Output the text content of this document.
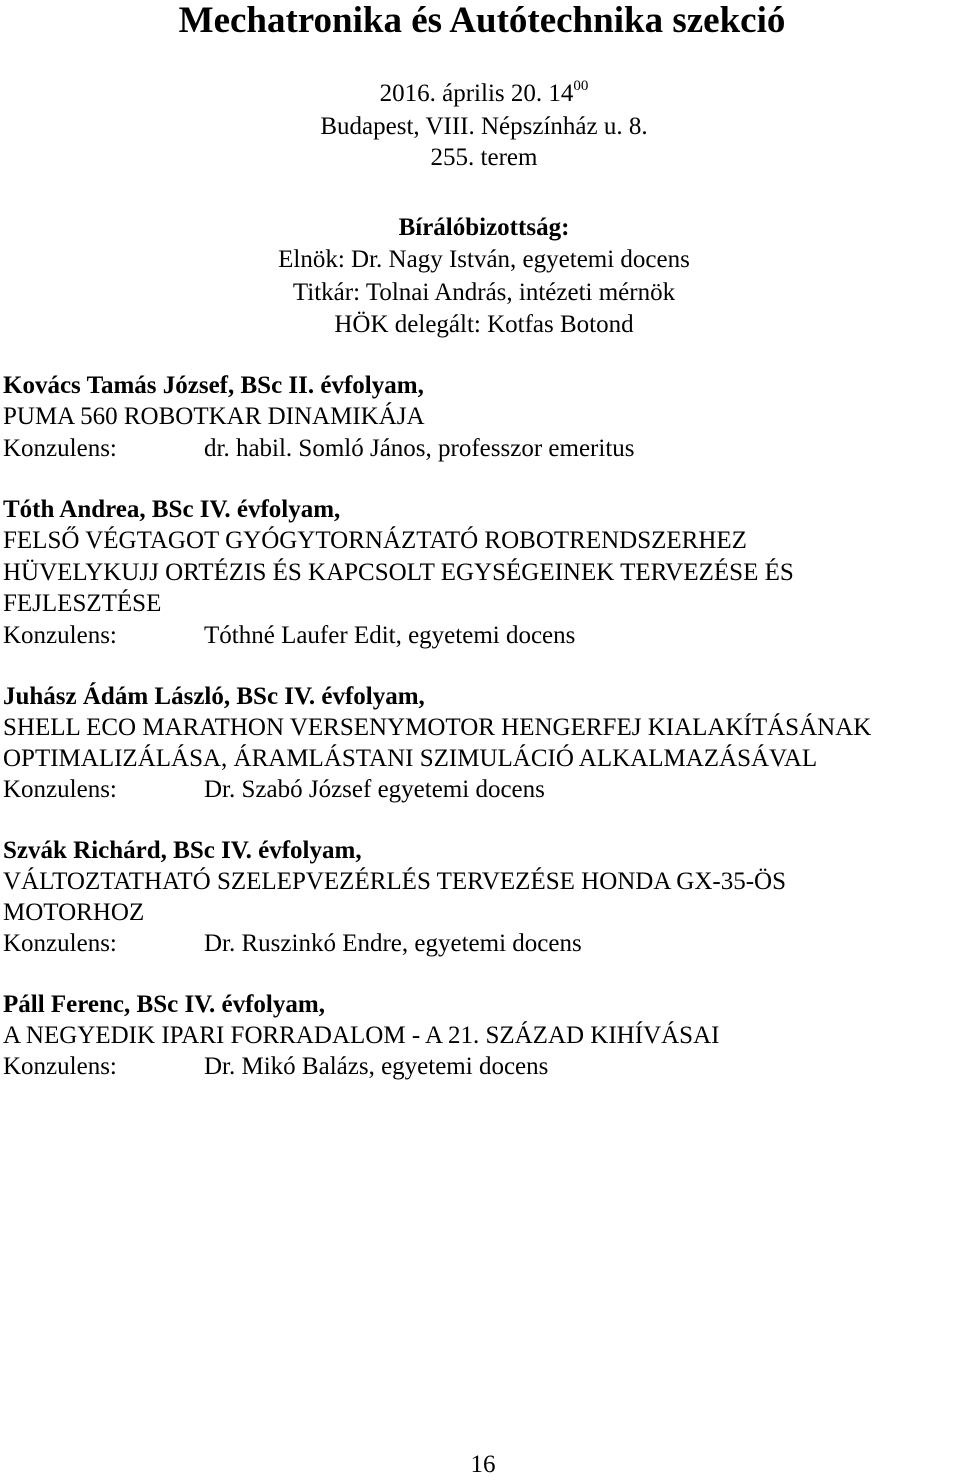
Mechatronika és Autótechnika szekció
2016. április 20. $14^{00}$
Budapest, VIII. Népszínház u. 8.
255. terem
Bírálóbizottság:
Elnök: Dr. Nagy István, egyetemi docens
Titkár: Tolnai András, intézeti mérnök
HÖK delegált: Kotfas Botond
Kovács Tamás József, BSc II. évfolyam,
PUMA 560 ROBOTKAR DINAMIKÁJA
Konzulens:	dr. habil. Somló János, professzor emeritus
Tóth Andrea, BSc IV. évfolyam,
FELSŐ VÉGTAGOT GYÓGYTORNÁZTATÓ ROBOTRENDSZERHEZ
HÜVELYKUJJ ORTÉZIS ÉS KAPCSOLT EGYSÉGEINEK TERVEZÉSE ÉS
FEJLESZTÉSE
Konzulens:	Tóthné Laufer Edit, egyetemi docens
Juhász Ádám László, BSc IV. évfolyam,
SHELL ECO MARATHON VERSENYMOTOR HENGERFEJ KIALAKÍTÁSÁNAK
OPTIMALIZÁLÁSA, ÁRAMLÁSTANI SZIMULÁCIÓ ALKALMAZÁSÁVAL
Konzulens:	Dr. Szabó József egyetemi docens
Szvák Richárd, BSc IV. évfolyam,
VÁLTOZTATHATÓ SZELEPVEZÉRLÉS TERVEZÉSE HONDA GX-35-ÖS
MOTORHOZ
Konzulens:	Dr. Ruszinkó Endre, egyetemi docens
Páll Ferenc, BSc IV. évfolyam,
A NEGYEDIK IPARI FORRADALOM - A 21. SZÁZAD KIHÍVÁSAI
Konzulens:	Dr. Mikó Balázs, egyetemi docens
16
